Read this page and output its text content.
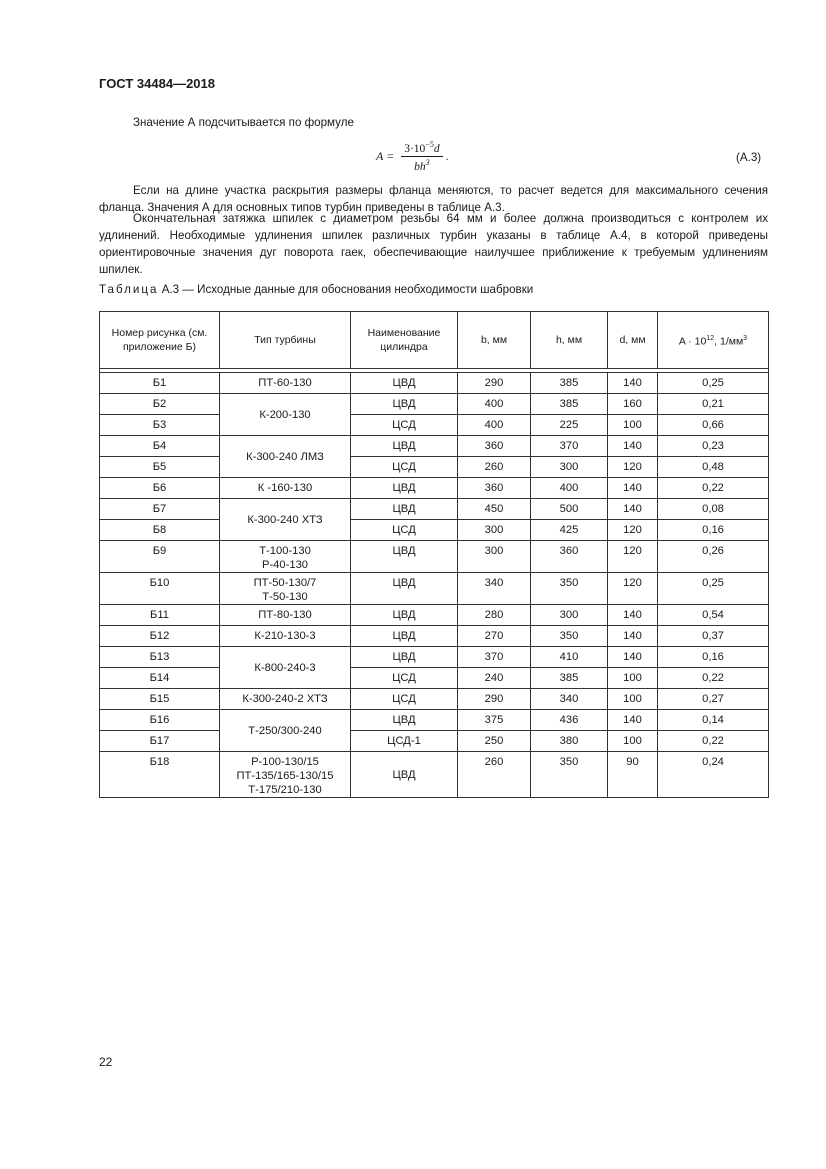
ГОСТ 34484—2018
Значение А подсчитывается по формуле
$A = \frac{3\cdot 10^{-5}d}{bh^3}$ .	(А.3)
Если на длине участка раскрытия размеры фланца меняются, то расчет ведется для максимального сечения фланца. Значения А для основных типов турбин приведены в таблице А.3.
Окончательная затяжка шпилек с диаметром резьбы 64 мм и более должна производиться с контролем их удлинений. Необходимые удлинения шпилек различных турбин указаны в таблице А.4, в которой приведены ориентировочные значения дуг поворота гаек, обеспечивающие наилучшее приближение к требуемым удлинениям шпилек.
Таблица А.3 — Исходные данные для обоснования необходимости шабровки
Номер рисунка (см. приложение Б)	Тип турбины	Наименование цилиндра	b, мм	h, мм	d, мм	$A \cdot 10^{12}$, $1/мм^3$

Б1	ПТ-60-130	ЦВД	290	385	140	0,25
Б2	К-200-130	ЦВД	400	385	160	0,21
Б3		ЦСД	400	225	100	0,66
Б4	К-300-240 ЛМЗ	ЦВД	360	370	140	0,23
Б5		ЦСД	260	300	120	0,48
Б6	К -160-130	ЦВД	360	400	140	0,22
Б7	К-300-240 ХТЗ	ЦВД	450	500	140	0,08
Б8		ЦСД	300	425	120	0,16
Б9	Т-100-130
Р-40-130	ЦВД	300	360	120	0,26
Б10	ПТ-50-130/7
Т-50-130	ЦВД	340	350	120	0,25
Б11	ПТ-80-130	ЦВД	280	300	140	0,54
Б12	К-210-130-3	ЦВД	270	350	140	0,37
Б13	К-800-240-3	ЦВД	370	410	140	0,16
Б14		ЦСД	240	385	100	0,22
Б15	К-300-240-2 ХТЗ	ЦСД	290	340	100	0,27
Б16	Т-250/300-240	ЦВД	375	436	140	0,14
Б17		ЦСД-1	250	380	100	0,22
Б18	Р-100-130/15
ПТ-135/165-130/15
Т-175/210-130	ЦВД	260	350	90	0,24
22
